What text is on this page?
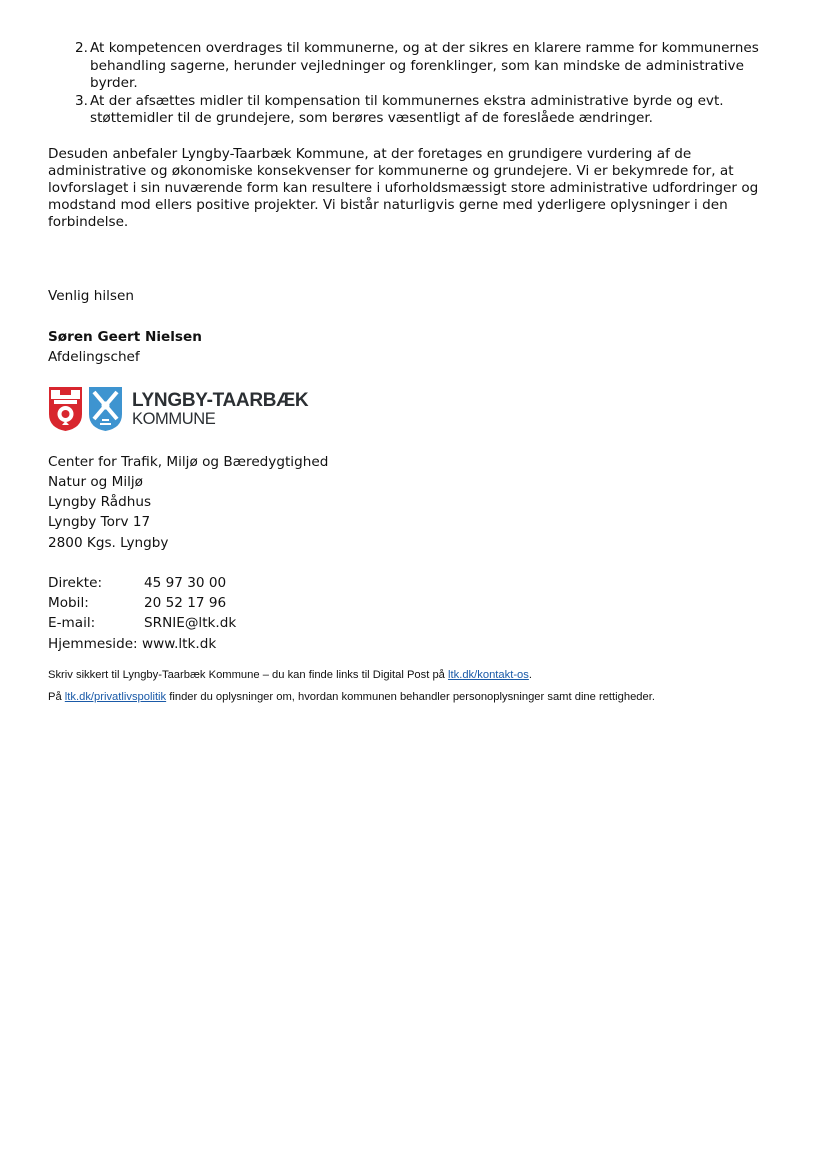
2. At kompetencen overdrages til kommunerne, og at der sikres en klarere ramme for kommunernes behandling sagerne, herunder vejledninger og forenklinger, som kan mindske de administrative byrder.
3. At der afsættes midler til kompensation til kommunernes ekstra administrative byrde og evt. støttemidler til de grundejere, som berøres væsentligt af de foreslåede ændringer.

Desuden anbefaler Lyngby-Taarbæk Kommune, at der foretages en grundigere vurdering af de administrative og økonomiske konsekvenser for kommunerne og grundejere. Vi er bekymrede for, at lovforslaget i sin nuværende form kan resultere i uforholdsmæssigt store administrative udfordringer og modstand mod ellers positive projekter. Vi bistår naturligvis gerne med yderligere oplysninger i den forbindelse.

Venlig hilsen

Søren Geert Nielsen

Afdelingschef

LYNGBY-TAARBÆK
KOMMUNE

Center for Trafik, Miljø og Bæredygtighed

Natur og Miljø

Lyngby Rådhus

Lyngby Torv 17

2800 Kgs. Lyngby

Direkte:	45 97 30 00
Mobil:	20 52 17 96
E-mail:	SRNIE@ltk.dk
Hjemmeside: www.ltk.dk
Skriv sikkert til Lyngby-Taarbæk Kommune – du kan finde links til Digital Post på ltk.dk/kontakt-os.
På ltk.dk/privatlivspolitik finder du oplysninger om, hvordan kommunen behandler personoplysninger samt dine rettigheder.
